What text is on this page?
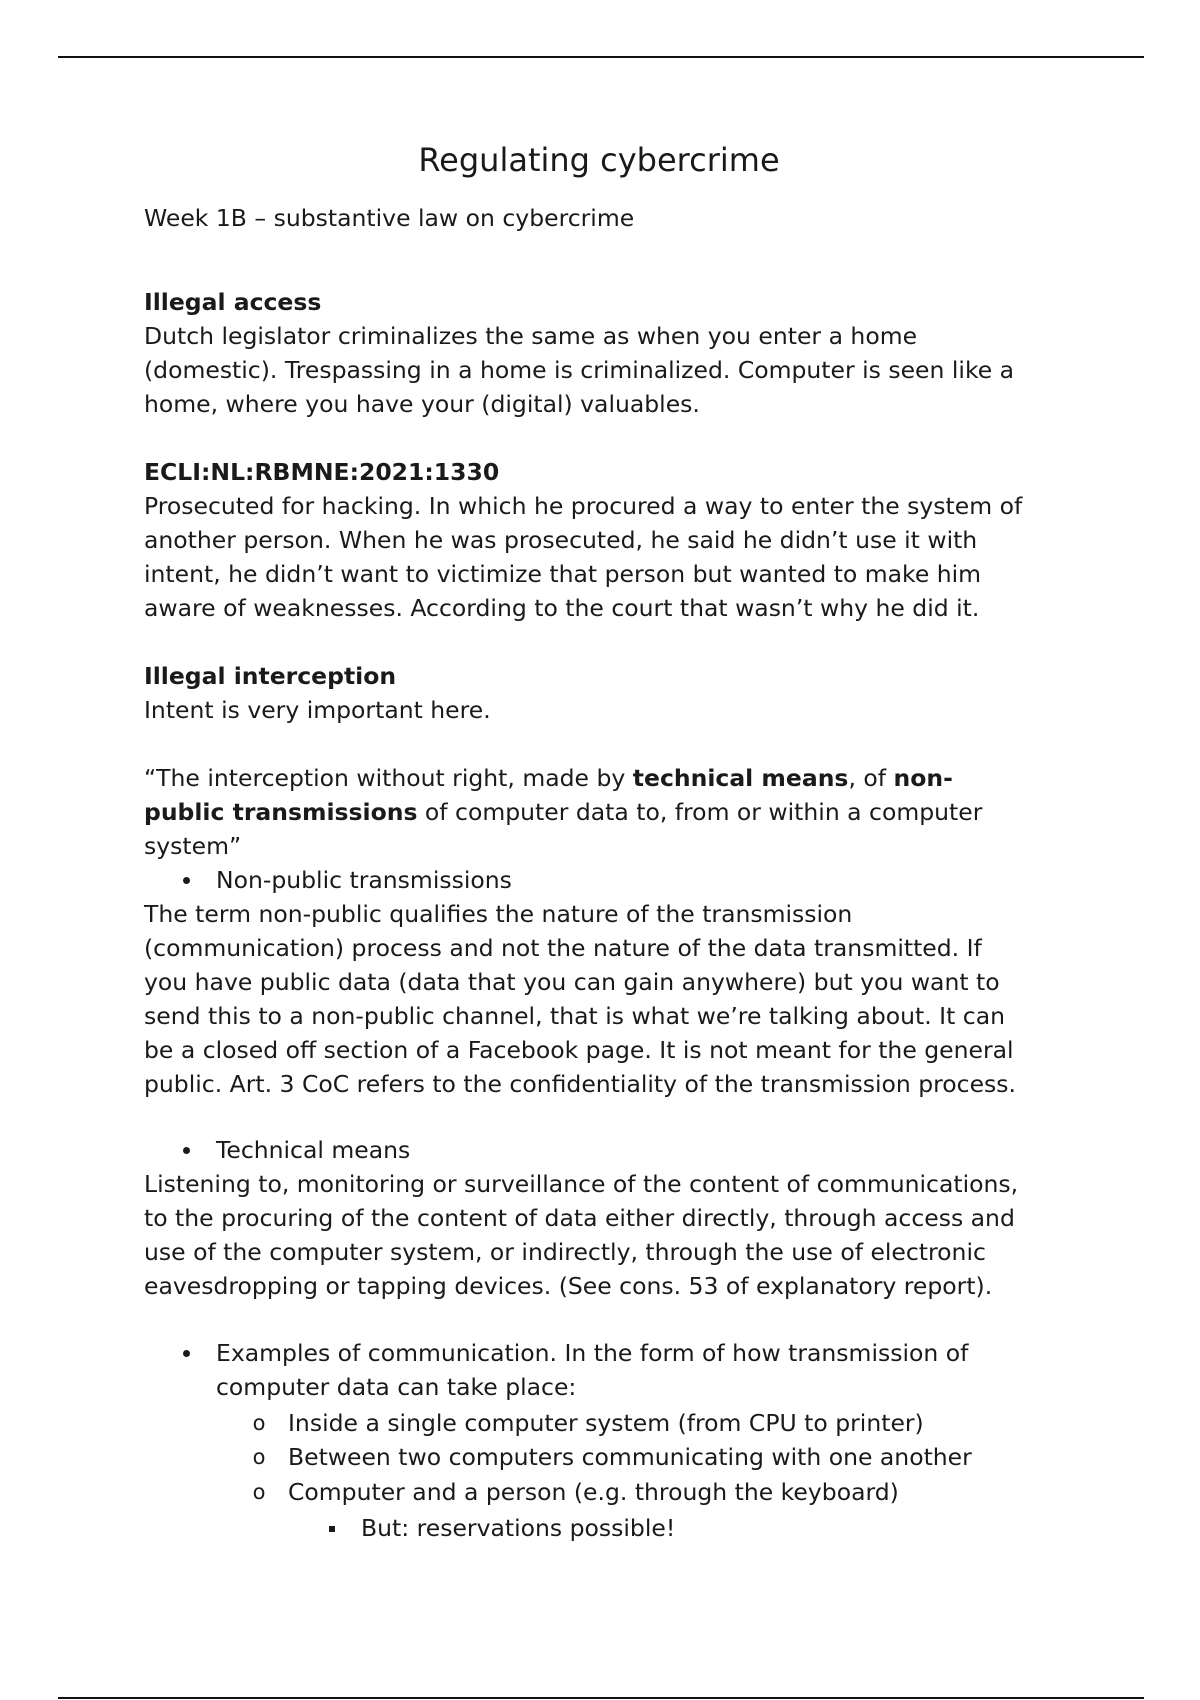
Regulating cybercrime

Week 1B – substantive law on cybercrime

Illegal access

Dutch legislator criminalizes the same as when you enter a home

(domestic). Trespassing in a home is criminalized. Computer is seen like a

home, where you have your (digital) valuables.

ECLI:NL:RBMNE:2021:1330

Prosecuted for hacking. In which he procured a way to enter the system of

another person. When he was prosecuted, he said he didn’t use it with

intent, he didn’t want to victimize that person but wanted to make him

aware of weaknesses. According to the court that wasn’t why he did it.

Illegal interception

Intent is very important here.

“The interception without right, made by technical means, of non-

public transmissions of computer data to, from or within a computer

system”

Non-public transmissions

The term non-public qualifies the nature of the transmission

(communication) process and not the nature of the data transmitted. If

you have public data (data that you can gain anywhere) but you want to

send this to a non-public channel, that is what we’re talking about. It can

be a closed off section of a Facebook page. It is not meant for the general

public. Art. 3 CoC refers to the confidentiality of the transmission process.

Technical means

Listening to, monitoring or surveillance of the content of communications,

to the procuring of the content of data either directly, through access and

use of the computer system, or indirectly, through the use of electronic

eavesdropping or tapping devices. (See cons. 53 of explanatory report).

Examples of communication. In the form of how transmission of

computer data can take place:

o Inside a single computer system (from CPU to printer)
o Between two computers communicating with one another
o Computer and a person (e.g. through the keyboard)
But: reservations possible!
